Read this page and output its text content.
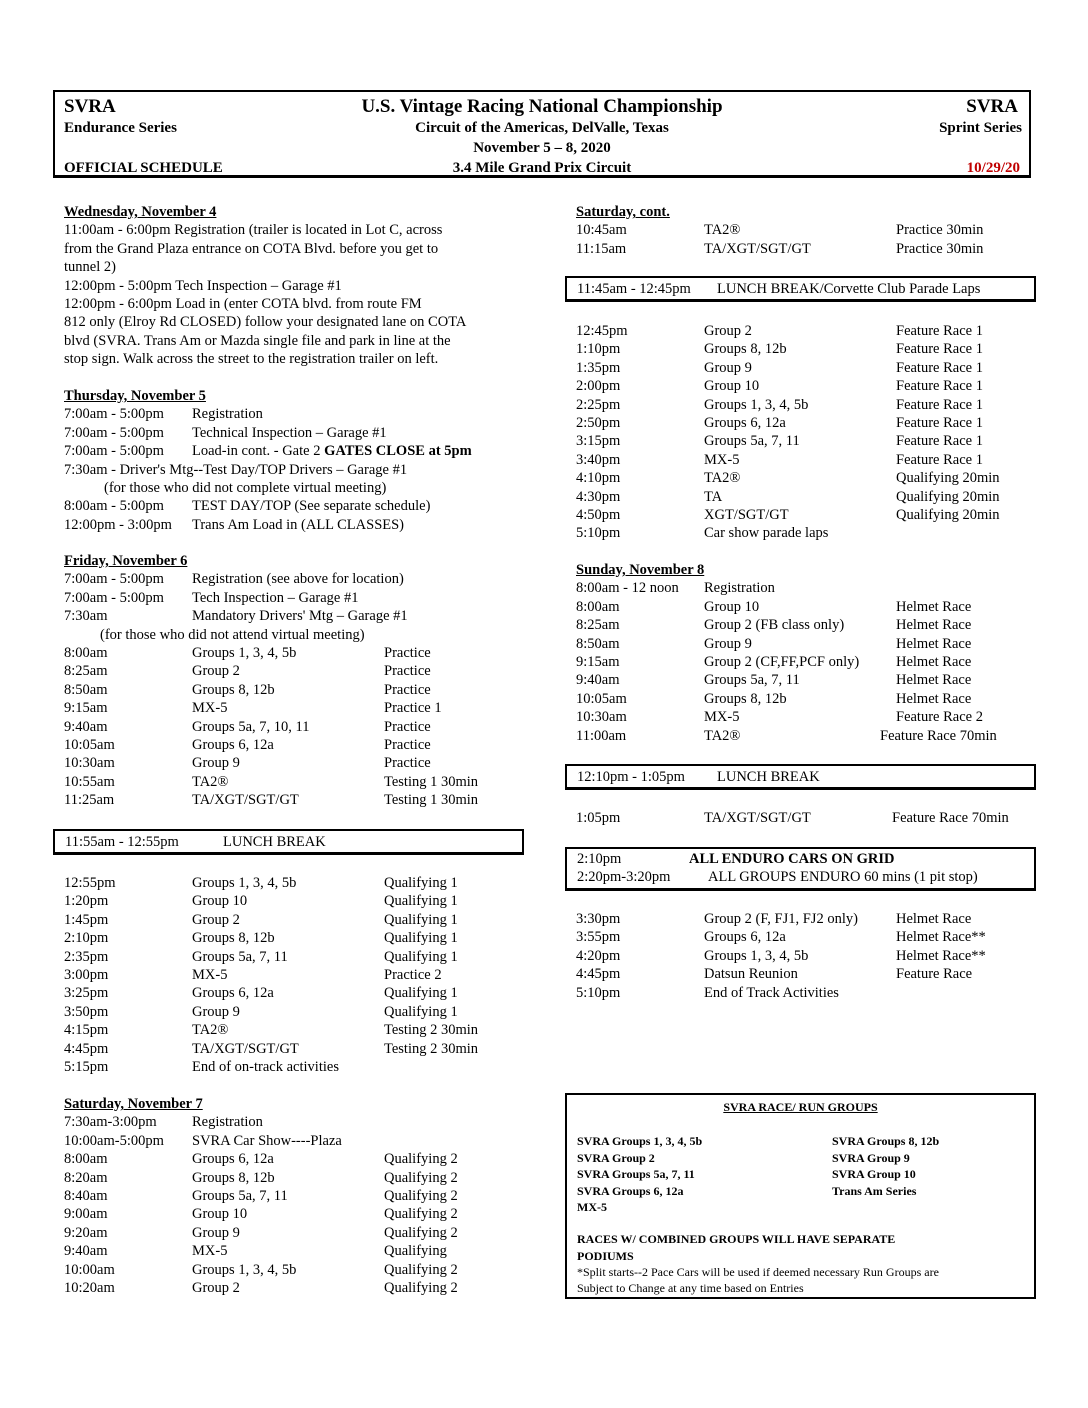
SVRA
Endurance Series
OFFICIAL SCHEDULE
U.S. Vintage Racing National Championship
Circuit of the Americas, DelValle, Texas
November 5 – 8, 2020
3.4 Mile Grand Prix Circuit
SVRA
Sprint Series
10/29/20
Wednesday, November 4
11:00am - 6:00pm Registration (trailer is located in Lot C, across
from the Grand Plaza entrance on COTA Blvd. before you get to
tunnel 2)
12:00pm - 5:00pm Tech Inspection – Garage #1
12:00pm - 6:00pm Load in (enter COTA blvd. from route FM
812 only (Elroy Rd CLOSED) follow your designated lane on COTA
blvd (SVRA. Trans Am or Mazda single file and park in line at the
stop sign. Walk across the street to the registration trailer on left.
Thursday, November 5
7:00am - 5:00pm Registration
7:00am - 5:00pm Technical Inspection – Garage #1
7:00am - 5:00pm Load-in cont. - Gate 2 GATES CLOSE at 5pm
7:30am - Driver's Mtg--Test Day/TOP Drivers – Garage #1
(for those who did not complete virtual meeting)
8:00am - 5:00pm TEST DAY/TOP (See separate schedule)
12:00pm - 3:00pm Trans Am Load in (ALL CLASSES)
Friday, November 6
7:00am - 5:00pm Registration (see above for location)
7:00am - 5:00pm Tech Inspection – Garage #1
7:30am	Mandatory Drivers' Mtg – Garage #1
(for those who did not attend virtual meeting)
8:00am	Groups 1, 3, 4, 5b	Practice
8:25am	Group 2	Practice
8:50am	Groups 8, 12b	Practice
9:15am	MX-5	Practice 1
9:40am	Groups 5a, 7, 10, 11	Practice
10:05am	Groups 6, 12a	Practice
10:30am	Group 9	Practice
10:55am	TA2®	Testing 1 30min
11:25am	TA/XGT/SGT/GT	Testing 1 30min
11:55am - 12:55pm	LUNCH BREAK
12:55pm	Groups 1, 3, 4, 5b	Qualifying 1
1:20pm	Group 10	Qualifying 1
1:45pm	Group 2	Qualifying 1
2:10pm	Groups 8, 12b	Qualifying 1
2:35pm	Groups 5a, 7, 11	Qualifying 1
3:00pm	MX-5	Practice 2
3:25pm	Groups 6, 12a	Qualifying 1
3:50pm	Group 9	Qualifying 1
4:15pm	TA2®	Testing 2 30min
4:45pm	TA/XGT/SGT/GT	Testing 2 30min
5:15pm	End of on-track activities
Saturday, November 7
7:30am-3:00pm Registration
10:00am-5:00pm SVRA Car Show----Plaza
8:00am	Groups 6, 12a	Qualifying 2
8:20am	Groups 8, 12b	Qualifying 2
8:40am	Groups 5a, 7, 11	Qualifying 2
9:00am	Group 10	Qualifying 2
9:20am	Group 9	Qualifying 2
9:40am	MX-5	Qualifying
10:00am	Groups 1, 3, 4, 5b	Qualifying 2
10:20am	Group 2	Qualifying 2
Saturday, cont.
10:45am	TA2®	Practice 30min
11:15am	TA/XGT/SGT/GT	Practice 30min
11:45am - 12:45pm LUNCH BREAK/Corvette Club Parade Laps
12:45pm	Group 2	Feature Race 1
1:10pm	Groups 8, 12b	Feature Race 1
1:35pm	Group 9	Feature Race 1
2:00pm	Group 10	Feature Race 1
2:25pm	Groups 1, 3, 4, 5b	Feature Race 1
2:50pm	Groups 6, 12a	Feature Race 1
3:15pm	Groups 5a, 7, 11	Feature Race 1
3:40pm	MX-5	Feature Race 1
4:10pm	TA2®	Qualifying 20min
4:30pm	TA	Qualifying 20min
4:50pm	XGT/SGT/GT	Qualifying 20min
5:10pm	Car show parade laps
Sunday, November 8
8:00am - 12 noon Registration
8:00am	Group 10	Helmet Race
8:25am	Group 2 (FB class only)	Helmet Race
8:50am	Group 9	Helmet Race
9:15am	Group 2 (CF,FF,PCF only)	Helmet Race
9:40am	Groups 5a, 7, 11	Helmet Race
10:05am	Groups 8, 12b	Helmet Race
10:30am	MX-5	Feature Race 2
11:00am	TA2®	Feature Race 70min
12:10pm - 1:05pm LUNCH BREAK
1:05pm	TA/XGT/SGT/GT	Feature Race 70min
2:10pm	ALL ENDURO CARS ON GRID
2:20pm-3:20pm	ALL GROUPS ENDURO 60 mins (1 pit stop)
3:30pm	Group 2 (F, FJ1, FJ2 only)	Helmet Race
3:55pm	Groups 6, 12a	Helmet Race**
4:20pm	Groups 1, 3, 4, 5b	Helmet Race**
4:45pm	Datsun Reunion	Feature Race
5:10pm	End of Track Activities
SVRA RACE/ RUN GROUPS
SVRA Groups 1, 3, 4, 5b
SVRA Group 2
SVRA Groups 5a, 7, 11
SVRA Groups 6, 12a
MX-5
SVRA Groups 8, 12b
SVRA Group 9
SVRA Group 10
Trans Am Series
RACES W/ COMBINED GROUPS WILL HAVE SEPARATE
PODIUMS
*Split starts--2 Pace Cars will be used if deemed necessary Run Groups are
Subject to Change at any time based on Entries
